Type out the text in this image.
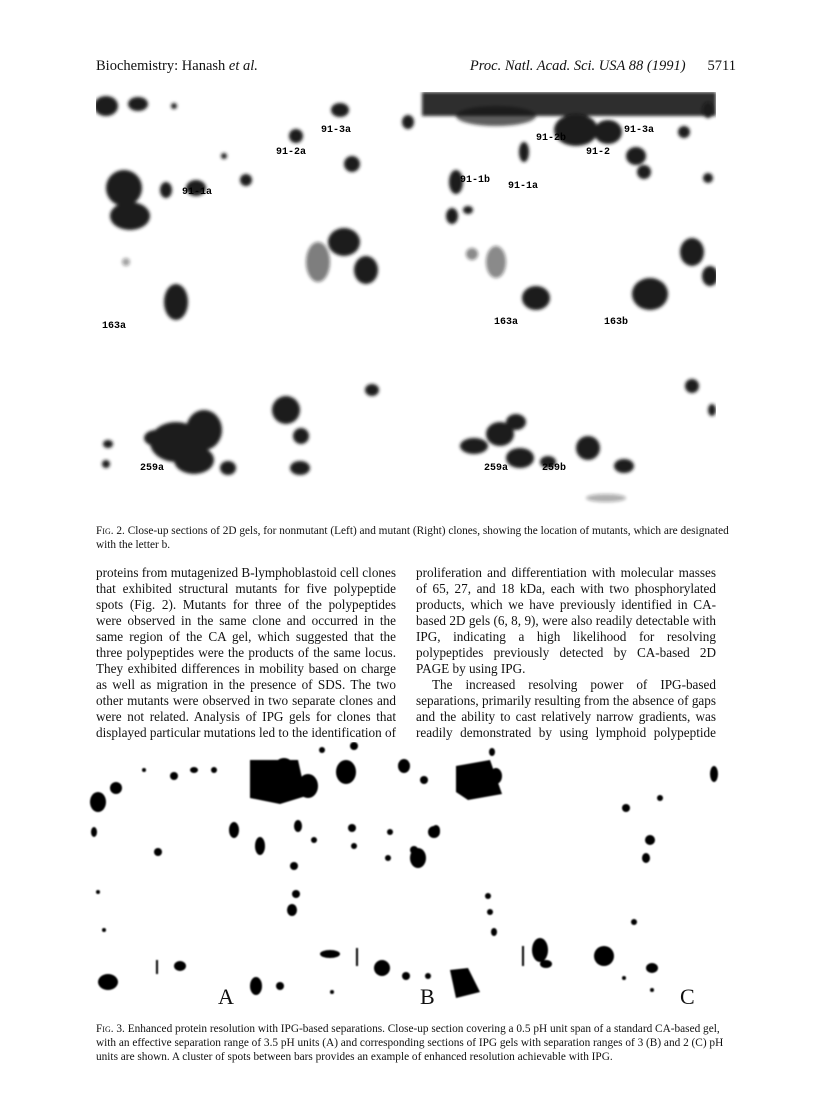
Biochemistry: Hanash et al.	Proc. Natl. Acad. Sci. USA 88 (1991) 5711
91-3a
91-2a
91-1a
163a
259a
91-3a
91-2b
91-2
91-1b
91-1a
163a	163b
259a	259b
Fig. 2. Close-up sections of 2D gels, for nonmutant (Left) and mutant (Right) clones, showing the location of mutants, which are designated with the letter b.

proteins from mutagenized B-lymphoblastoid cell clones that exhibited structural mutants for five polypeptide spots (Fig. 2). Mutants for three of the polypeptides were observed in the same clone and occurred in the same region of the CA gel, which suggested that the three polypeptides were the products of the same locus. They exhibited differences in mobility based on charge as well as migration in the presence of SDS. The two other mutants were observed in two separate clones and were not related. Analysis of IPG gels for clones that displayed particular mutations led to the identification of

proliferation and differentiation with molecular masses of 65, 27, and 18 kDa, each with two phosphorylated products, which we have previously identified in CA-based 2D gels (6, 8, 9), were also readily detectable with IPG, indicating a high likelihood for resolving polypeptides previously detected by CA-based 2D PAGE by using IPG.

The increased resolving power of IPG-based separations, primarily resulting from the absence of gaps and the ability to cast relatively narrow gradients, was readily demonstrated by using lymphoid polypeptide

A	B	C
Fig. 3. Enhanced protein resolution with IPG-based separations. Close-up section covering a 0.5 pH unit span of a standard CA-based gel, with an effective separation range of 3.5 pH units (A) and corresponding sections of IPG gels with separation ranges of 3 (B) and 2 (C) pH units are shown. A cluster of spots between bars provides an example of enhanced resolution achievable with IPG.
